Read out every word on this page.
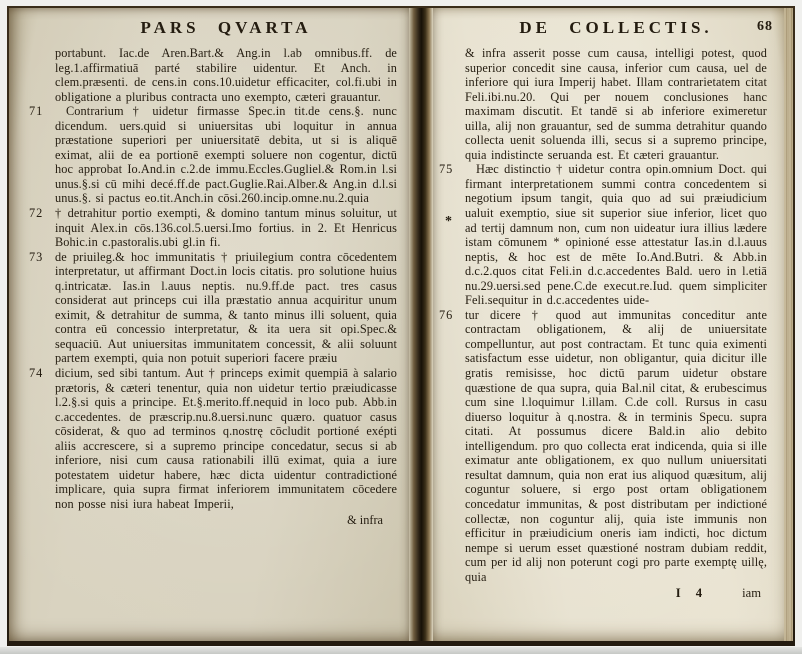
PARS QVARTA
portabunt. Iac.de Aren.Bart.& Ang.in l.ab omnibus.ff. de leg.1.affirmatiuā parté stabilire uidentur. Et Anch. in clem.præsenti. de cens.in cons.10.uidetur efficaciter, col.fi.ubi in obligatione a pluribus contracta uno exempto, cæteri grauantur.
71	Contrarium † uidetur firmasse Spec.in tit.de cens.§. nunc dicendum. uers.quid si uniuersitas ubi loquitur in annua præstatione superiori per uniuersitatē debita, ut si is aliquē eximat, alii de ea portionē exempti soluere non cogentur, dictū hoc approbat Io.And.in c.2.de immu.Eccles.Gugliel.& Rom.in l.si unus.§.si cū mihi decé.ff.de pact.Guglie.Rai.Alber.& Ang.in d.l.si unus.§. si pactus eo.tit.Anch.in cōsi.260.incip.omne.nu.2.quia
72 † detrahitur portio exempti, & domino tantum minus soluitur, ut inquit Alex.in cōs.136.col.5.uersi.Imo fortius. in 2. Et Henricus Bohic.in c.pastoralis.ubi gl.in fi.
73 de priuileg.& hoc immunitatis † priuilegium contra cōcedentem interpretatur, ut affirmant Doct.in locis citatis. pro solutione huius q.intricatæ. Ias.in l.auus neptis. nu.9.ff.de pact. tres casus considerat aut princeps cui illa præstatio annua acquiritur unum eximit, & detrahitur de summa, & tanto minus illi soluent, quia contra eū concessio interpretatur, & ita uera sit opi.Spec.& sequaciū. Aut uniuersitas immunitatem concessit, & alii soluunt partem exempti, quia non potuit superiori facere præiu
74 dicium, sed sibi tantum. Aut † princeps eximit quempiā à salario prætoris, & cæteri tenentur, quia non uidetur tertio præiudicasse l.2.§.si quis a principe. Et.§.merito.ff.nequid in loco pub. Abb.in c.accedentes. de præscrip.nu.8.uersi.nunc quæro. quatuor casus cōsiderat, & quo ad terminos q.nostrę cōcludit portioné exépti aliis accrescere, si a supremo principe concedatur, secus si ab inferiore, nisi cum causa rationabili illū eximat, quia a iure potestatem uidetur habere, hæc dicta uidentur contradictioné implicare, quia supra firmat inferiorem immunitatem cōcedere non posse nisi iura habeat Imperii,
& infra
DE COLLECTIS.	68
*
& infra asserit posse cum causa, intelligi potest, quod superior concedit sine causa, inferior cum causa, uel de inferiore qui iura Imperij habet. Illam contrarietatem citat Feli.ibi.nu.20. Qui per nouem conclusiones hanc maximam discutit. Et tandē si ab inferiore eximeretur uilla, alij non grauantur, sed de summa detrahitur quando collecta uenit soluenda illi, secus si a supremo principe, quia indistincte seruanda est. Et cæteri grauantur.
75	Hæc distinctio † uidetur contra opin.omnium Doct. qui firmant interpretationem summi contra concedentem si negotium ipsum tangit, quia quo ad sui præiudicium ualuit exemptio, siue sit superior siue inferior, licet quo ad tertij damnum non, cum non uideatur iura illius lædere istam cōmunem * opinioné esse attestatur Ias.in d.l.auus neptis, & hoc est de mēte Io.And.Butri. & Abb.in d.c.2.quos citat Feli.in d.c.accedentes Bald. uero in l.etiā nu.29.uersi.sed pene.C.de execut.re.Iud. quem simpliciter Feli.sequitur in d.c.accedentes uide-
76 tur dicere † quod aut immunitas conceditur ante contractam obligationem, & alij de uniuersitate compelluntur, aut post contractam. Et tunc quia eximenti satisfactum esse uidetur, non obligantur, quia dicitur ille gratis remisisse, hoc dictū parum uidetur obstare quæstione de qua supra, quia Bal.nil citat, & erubescimus cum sine l.loquimur l.illam. C.de coll. Rursus in casu diuerso loquitur à q.nostra. & in terminis Specu. supra citati. At possumus dicere Bald.in alio debito intelligendum. pro quo collecta erat indicenda, quia si ille eximatur ante obligationem, ex quo nullum uniuersitati resultat damnum, quia non erat ius aliquod quæsitum, alij coguntur soluere, si ergo post ortam obligationem concedatur immunitas, & post distributam per indictioné collectæ, non coguntur alij, quia iste immunis non efficitur in præiudicium oneris iam indicti, hoc dictum nempe si uerum esset quæstioné nostram dubiam reddit, cum per id alij non poterunt cogi pro parte exemptę uillę, quia
I 4	iam
